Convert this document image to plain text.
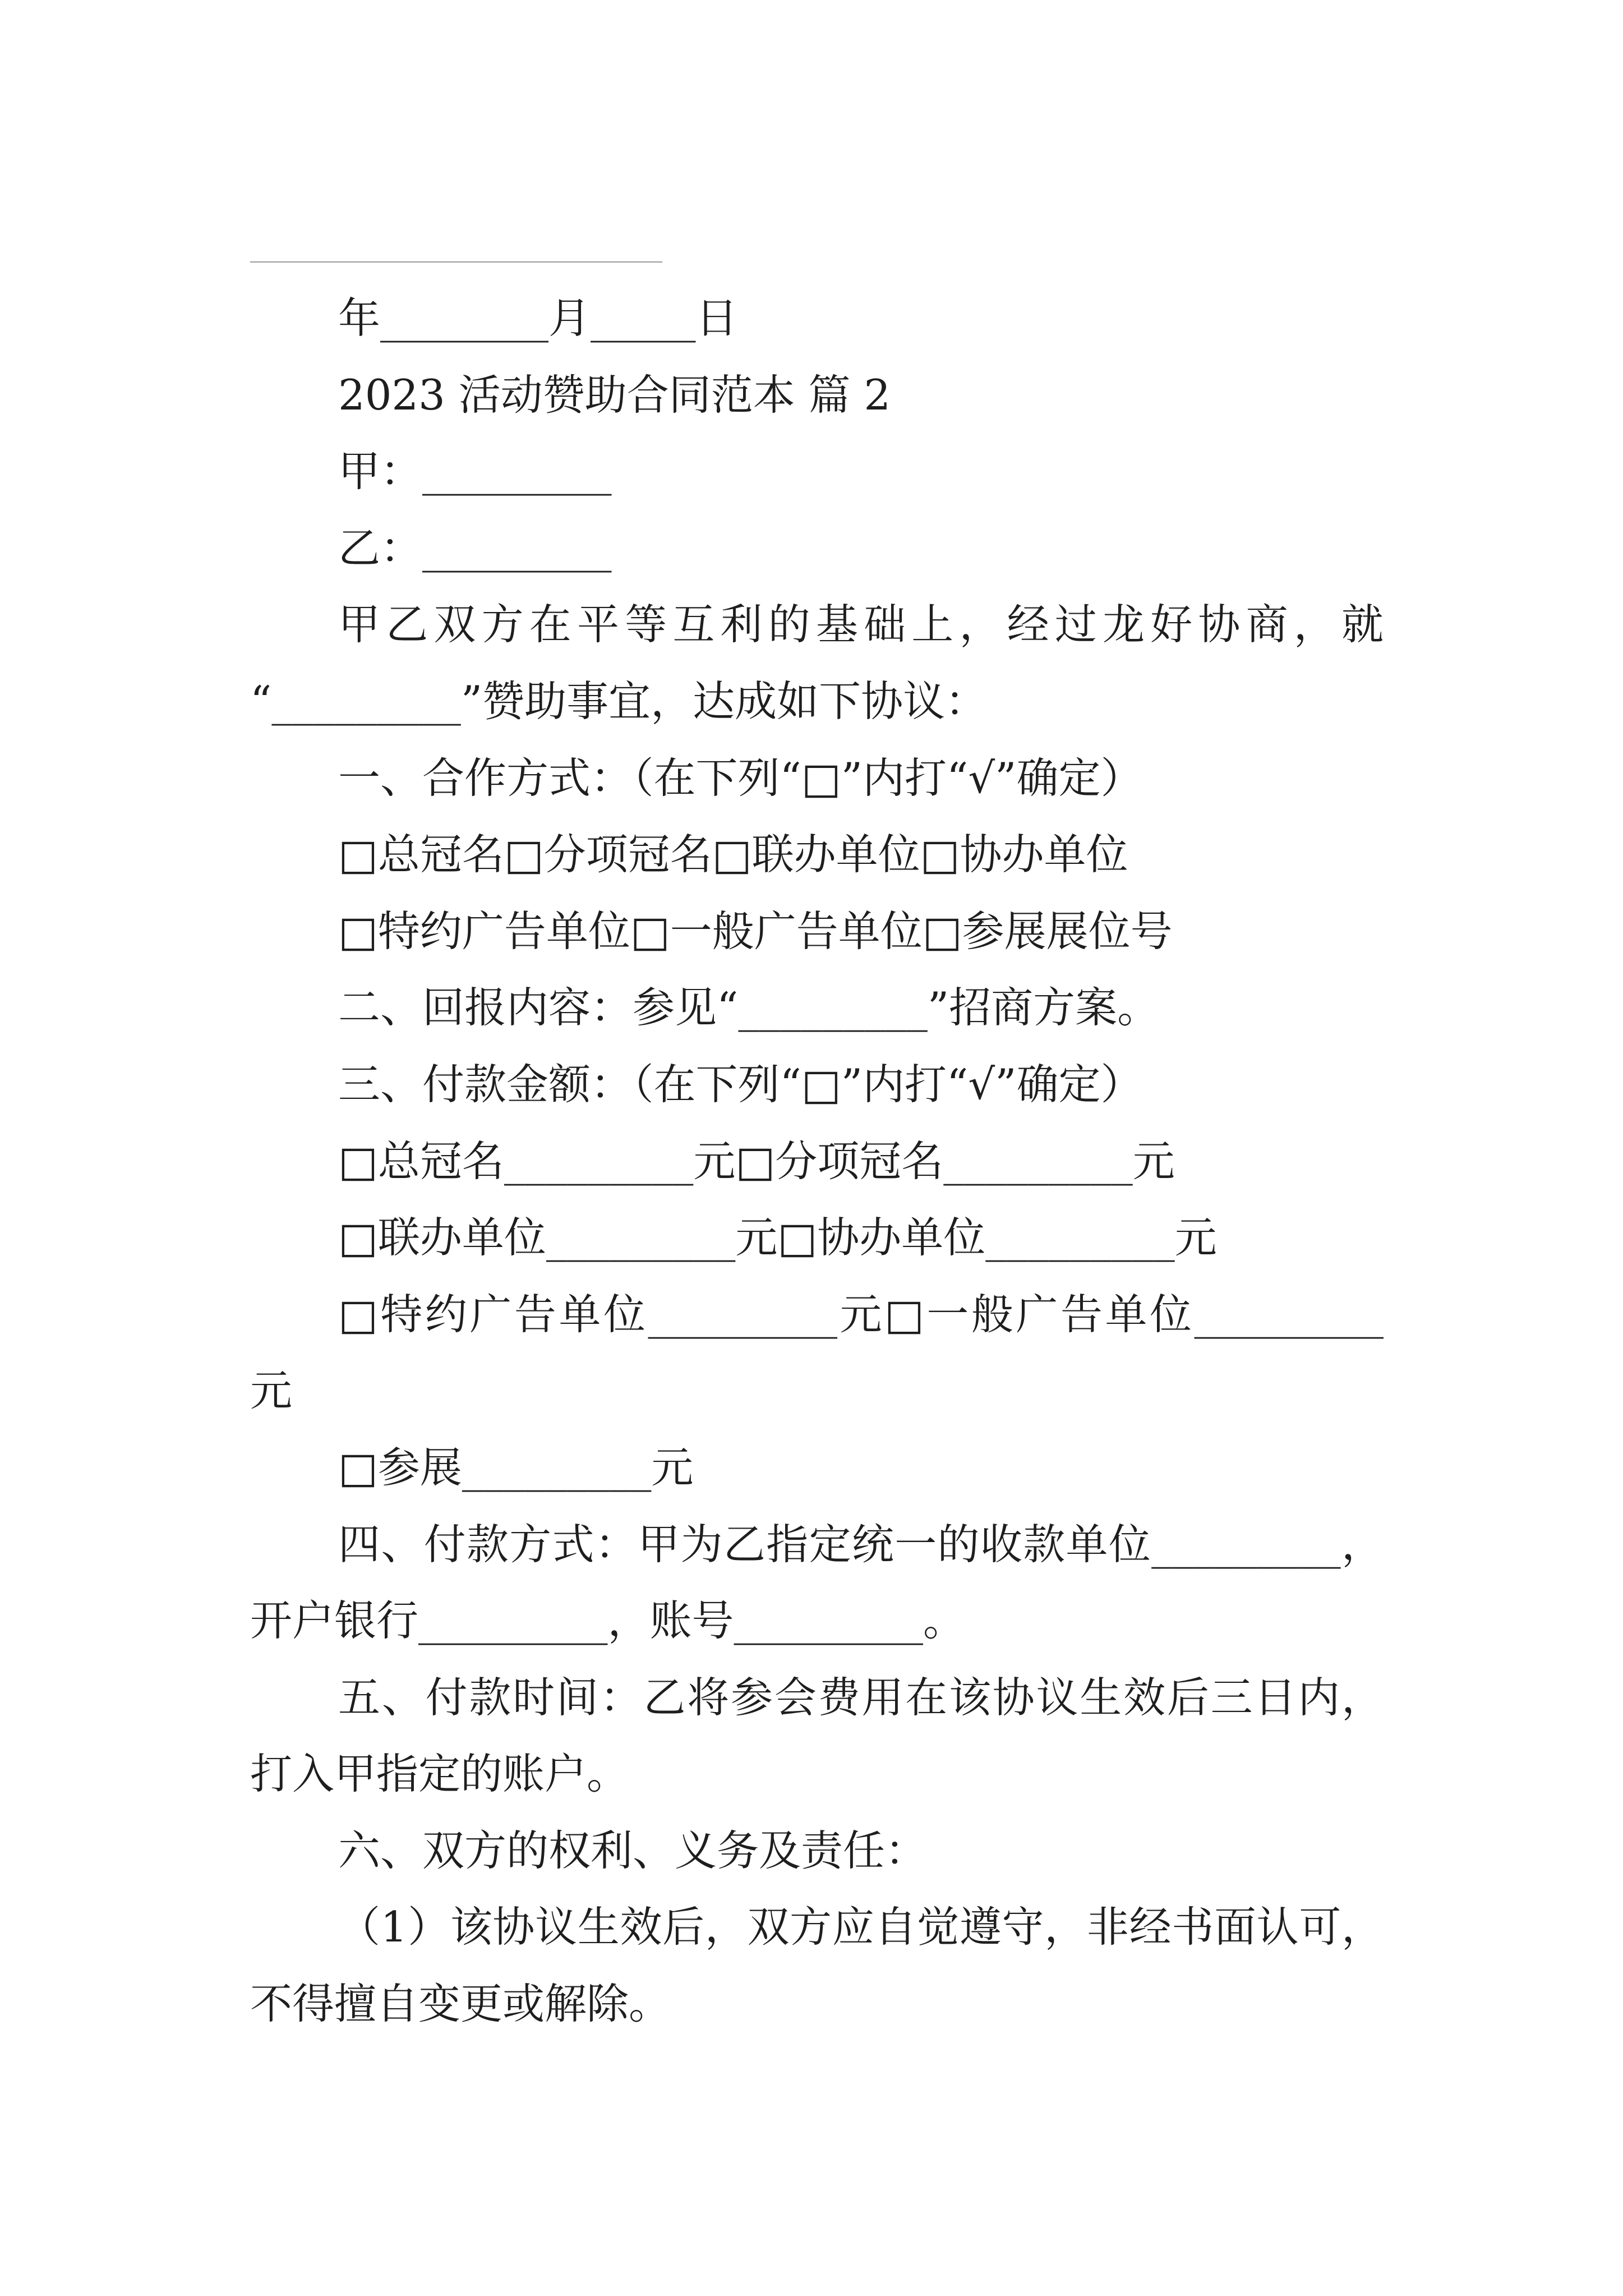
年________月_____日

2023 活动赞助合同范本 篇 2

甲：_________

乙：_________

甲乙双方在平等互利的基础上，经过龙好协商，就

“_________”赞助事宜，达成如下协议：

一、合作方式：（在下列“□”内打“√”确定）

□总冠名□分项冠名□联办单位□协办单位

□特约广告单位□一般广告单位□参展展位号

二、回报内容：参见“_________”招商方案。

三、付款金额：（在下列“□”内打“√”确定）

□总冠名_________元□分项冠名_________元

□联办单位_________元□协办单位_________元

□特约广告单位_________元□一般广告单位_________

元

□参展_________元

四、付款方式：甲为乙指定统一的收款单位_________，

开户银行_________，账号_________。

五、付款时间：乙将参会费用在该协议生效后三日内，

打入甲指定的账户。

六、双方的权利、义务及责任：

（1）该协议生效后，双方应自觉遵守，非经书面认可，

不得擅自变更或解除。
